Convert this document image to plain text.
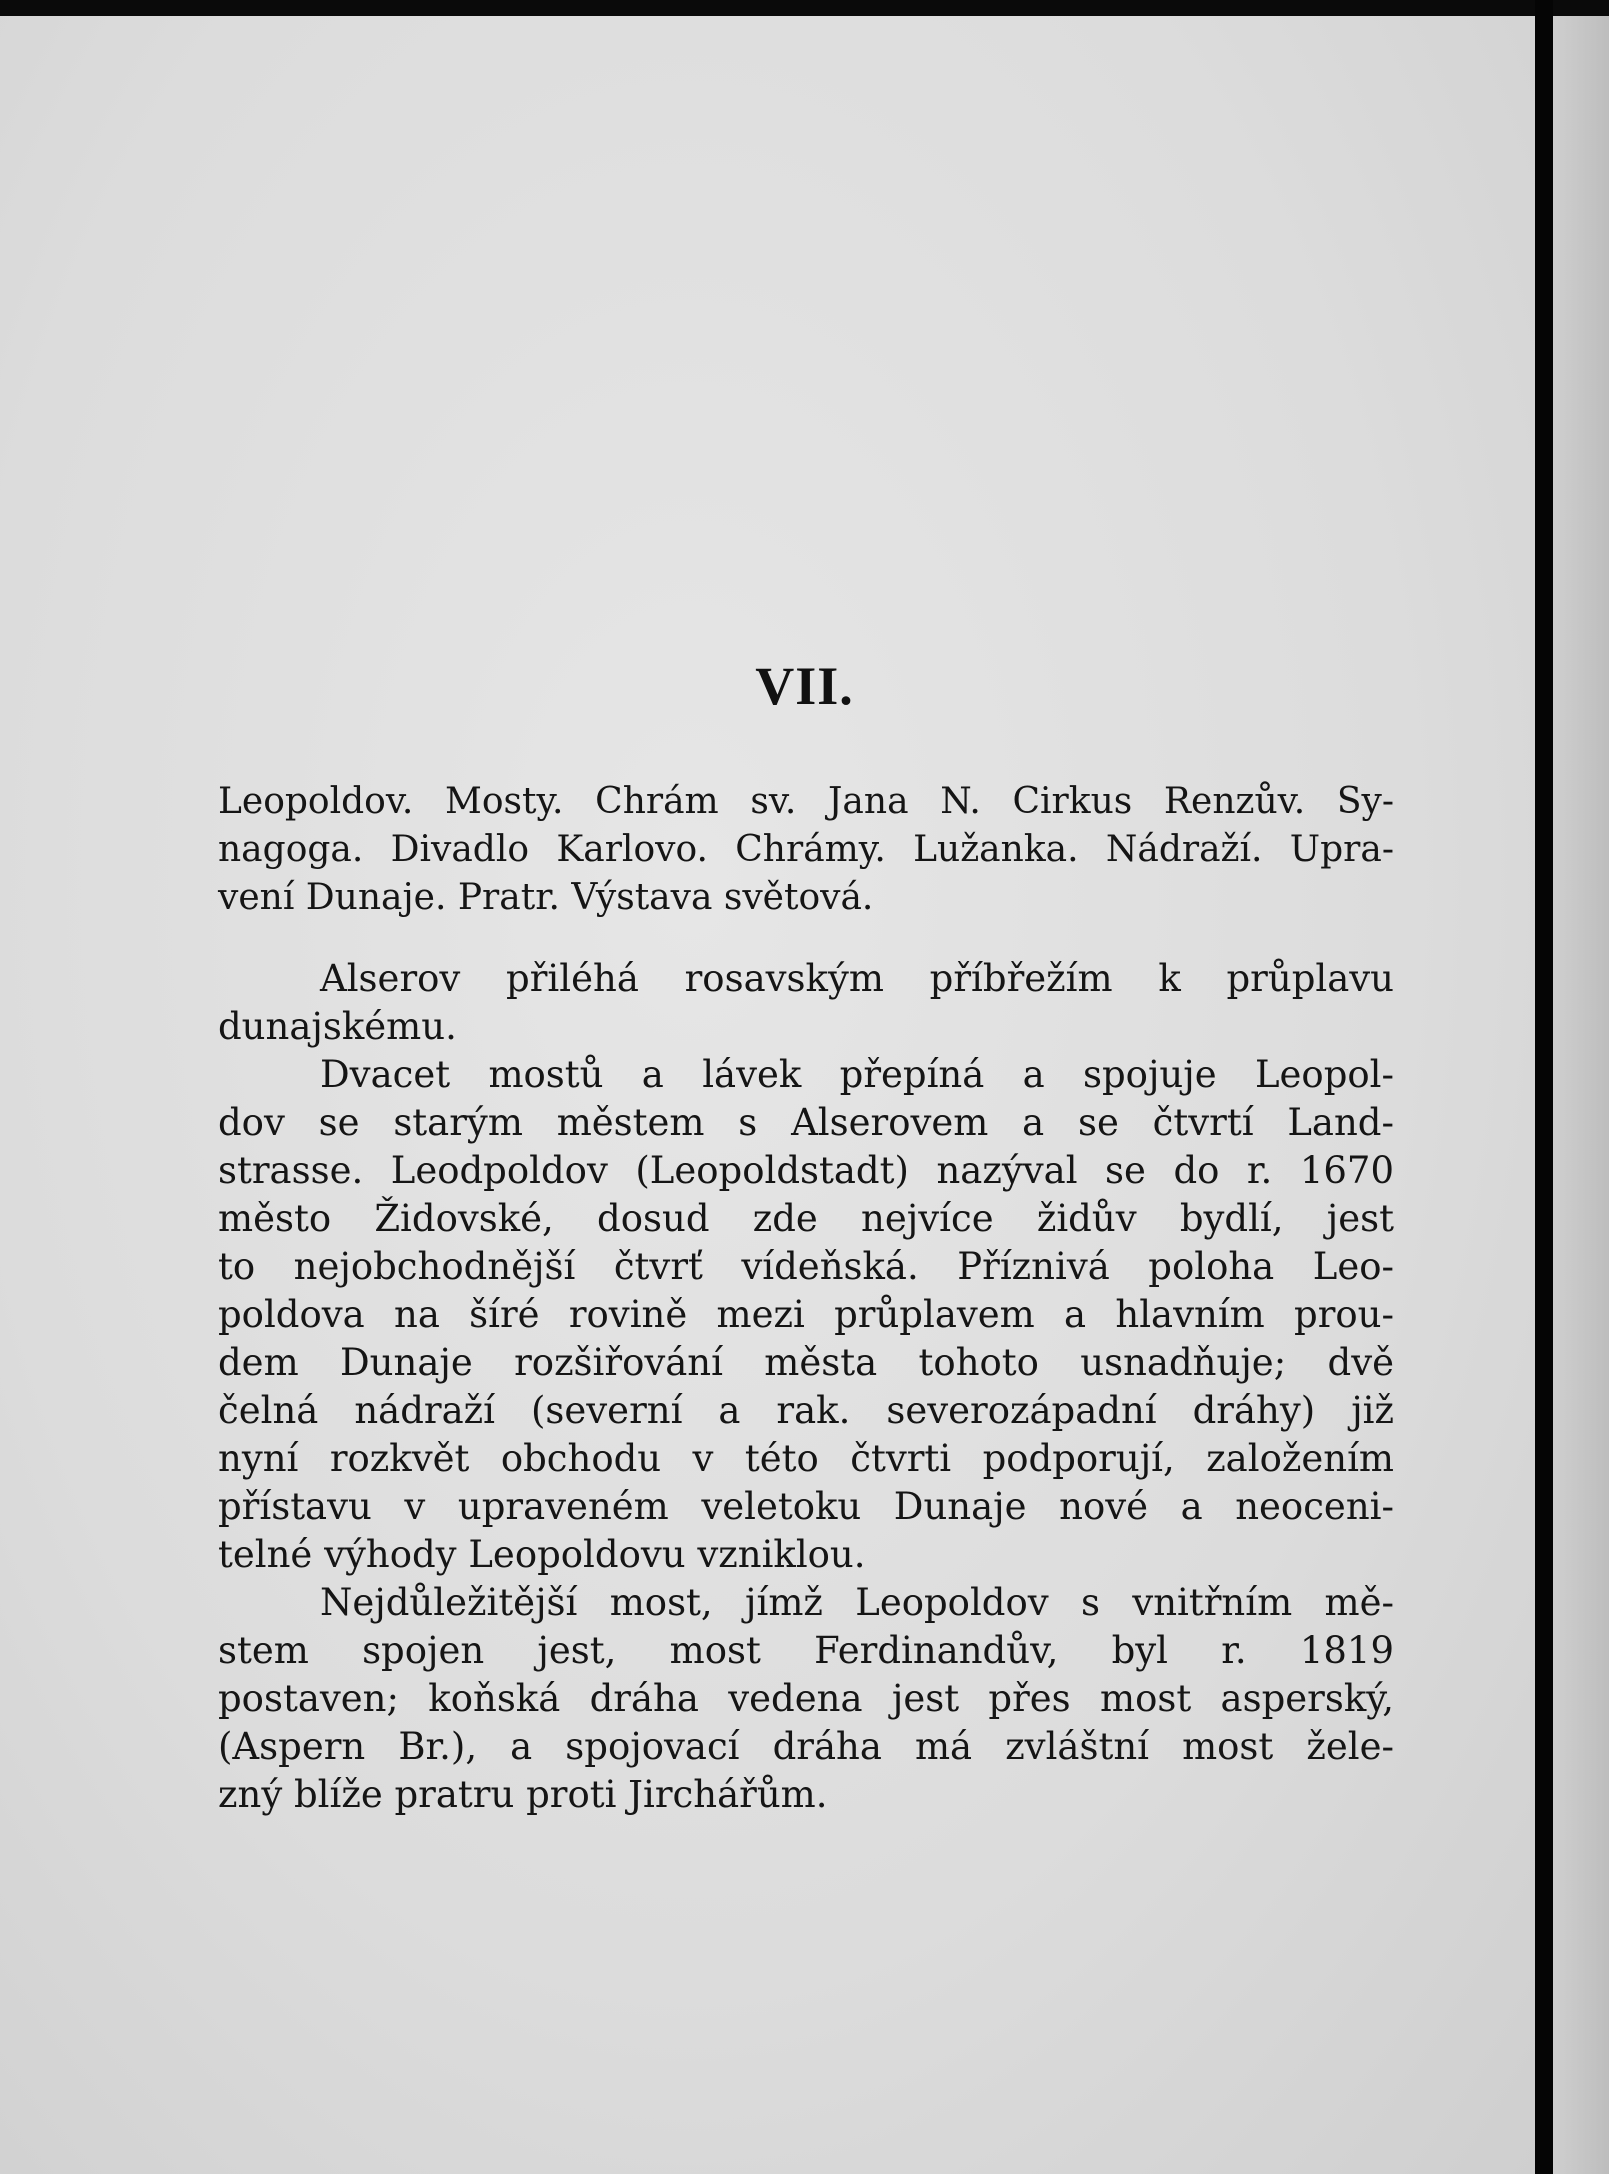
VII.
Leopoldov. Mosty. Chrám sv. Jana N. Cirkus Renzův. Sy-
nagoga. Divadlo Karlovo. Chrámy. Lužanka. Nádraží. Upra-
vení Dunaje. Pratr. Výstava světová.
Alserov přiléhá rosavským příbřežím k průplavu
dunajskému.
Dvacet mostů a lávek přepíná a spojuje Leopol-
dov se starým městem s Alserovem a se čtvrtí Land-
strasse. Leodpoldov (Leopoldstadt) nazýval se do r. 1670
město Židovské, dosud zde nejvíce židův bydlí, jest
to nejobchodnější čtvrť vídeňská. Příznivá poloha Leo-
poldova na šíré rovině mezi průplavem a hlavním prou-
dem Dunaje rozšiřování města tohoto usnadňuje; dvě
čelná nádraží (severní a rak. severozápadní dráhy) již
nyní rozkvět obchodu v této čtvrti podporují, založením
přístavu v upraveném veletoku Dunaje nové a neoceni-
telné výhody Leopoldovu vzniklou.
Nejdůležitější most, jímž Leopoldov s vnitřním mě-
stem spojen jest, most Ferdinandův, byl r. 1819
postaven; koňská dráha vedena jest přes most asperský,
(Aspern Br.), a spojovací dráha má zvláštní most žele-
zný blíže pratru proti Jirchářům.
